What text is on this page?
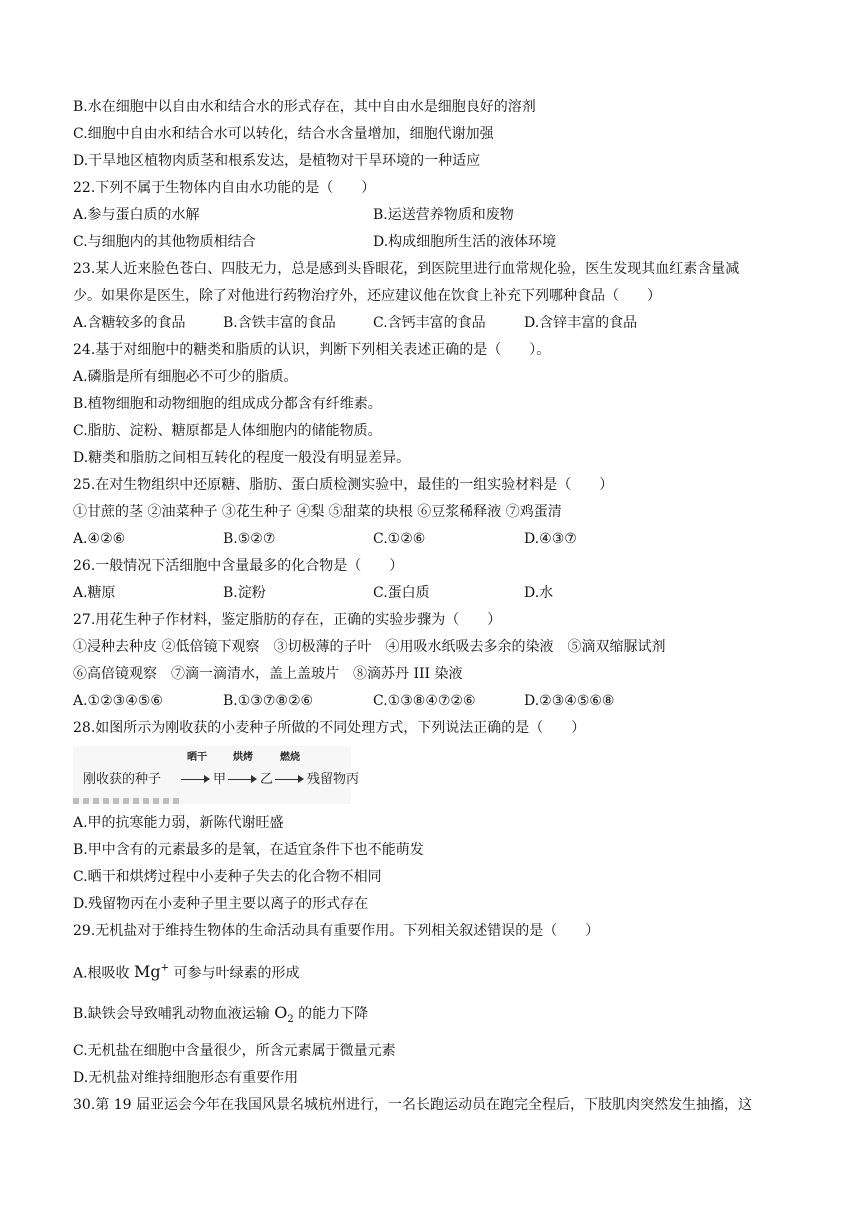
B.水在细胞中以自由水和结合水的形式存在，其中自由水是细胞良好的溶剂
C.细胞中自由水和结合水可以转化，结合水含量增加，细胞代谢加强
D.干旱地区植物肉质茎和根系发达，是植物对干旱环境的一种适应
22.下列不属于生物体内自由水功能的是（　　）
A.参与蛋白质的水解	B.运送营养物质和废物
C.与细胞内的其他物质相结合	D.构成细胞所生活的液体环境
23.某人近来脸色苍白、四肢无力，总是感到头昏眼花，到医院里进行血常规化验，医生发现其血红素含量减
少。如果你是医生，除了对他进行药物治疗外，还应建议他在饮食上补充下列哪种食品（　　）
A.含糖较多的食品	B.含铁丰富的食品	C.含钙丰富的食品	D.含锌丰富的食品
24.基于对细胞中的糖类和脂质的认识，判断下列相关表述正确的是（　　）。
A.磷脂是所有细胞必不可少的脂质。
B.植物细胞和动物细胞的组成成分都含有纤维素。
C.脂肪、淀粉、糖原都是人体细胞内的储能物质。
D.糖类和脂肪之间相互转化的程度一般没有明显差异。
25.在对生物组织中还原糖、脂肪、蛋白质检测实验中，最佳的一组实验材料是（　　）
①甘蔗的茎 ②油菜种子 ③花生种子 ④梨 ⑤甜菜的块根 ⑥豆浆稀释液 ⑦鸡蛋清
A.④②⑥	B.⑤②⑦	C.①②⑥	D.④③⑦
26.一般情况下活细胞中含量最多的化合物是（　　）
A.糖原	B.淀粉	C.蛋白质	D.水
27.用花生种子作材料，鉴定脂肪的存在，正确的实验步骤为（　　）
①浸种去种皮 ②低倍镜下观察　③切极薄的子叶　④用吸水纸吸去多余的染液　⑤滴双缩脲试剂
⑥高倍镜观察　⑦滴一滴清水，盖上盖玻片　⑧滴苏丹 III 染液
A.①②③④⑤⑥	B.①③⑦⑧②⑥	C.①③⑧④⑦②⑥	D.②③④⑤⑥⑧
28.如图所示为刚收获的小麦种子所做的不同处理方式，下列说法正确的是（　　）
刚收获的种子
晒干
甲
烘烤
乙
燃烧
残留物丙
A.甲的抗寒能力弱，新陈代谢旺盛
B.甲中含有的元素最多的是氧，在适宜条件下也不能萌发
C.晒干和烘烤过程中小麦种子失去的化合物不相同
D.残留物丙在小麦种子里主要以离子的形式存在
29.无机盐对于维持生物体的生命活动具有重要作用。下列相关叙述错误的是（　　）
A.根吸收 Mg+ 可参与叶绿素的形成
B.缺铁会导致哺乳动物血液运输 $O_2$ 的能力下降
C.无机盐在细胞中含量很少，所含元素属于微量元素
D.无机盐对维持细胞形态有重要作用
30.第 19 届亚运会今年在我国风景名城杭州进行，一名长跑运动员在跑完全程后，下肢肌肉突然发生抽搐，这
